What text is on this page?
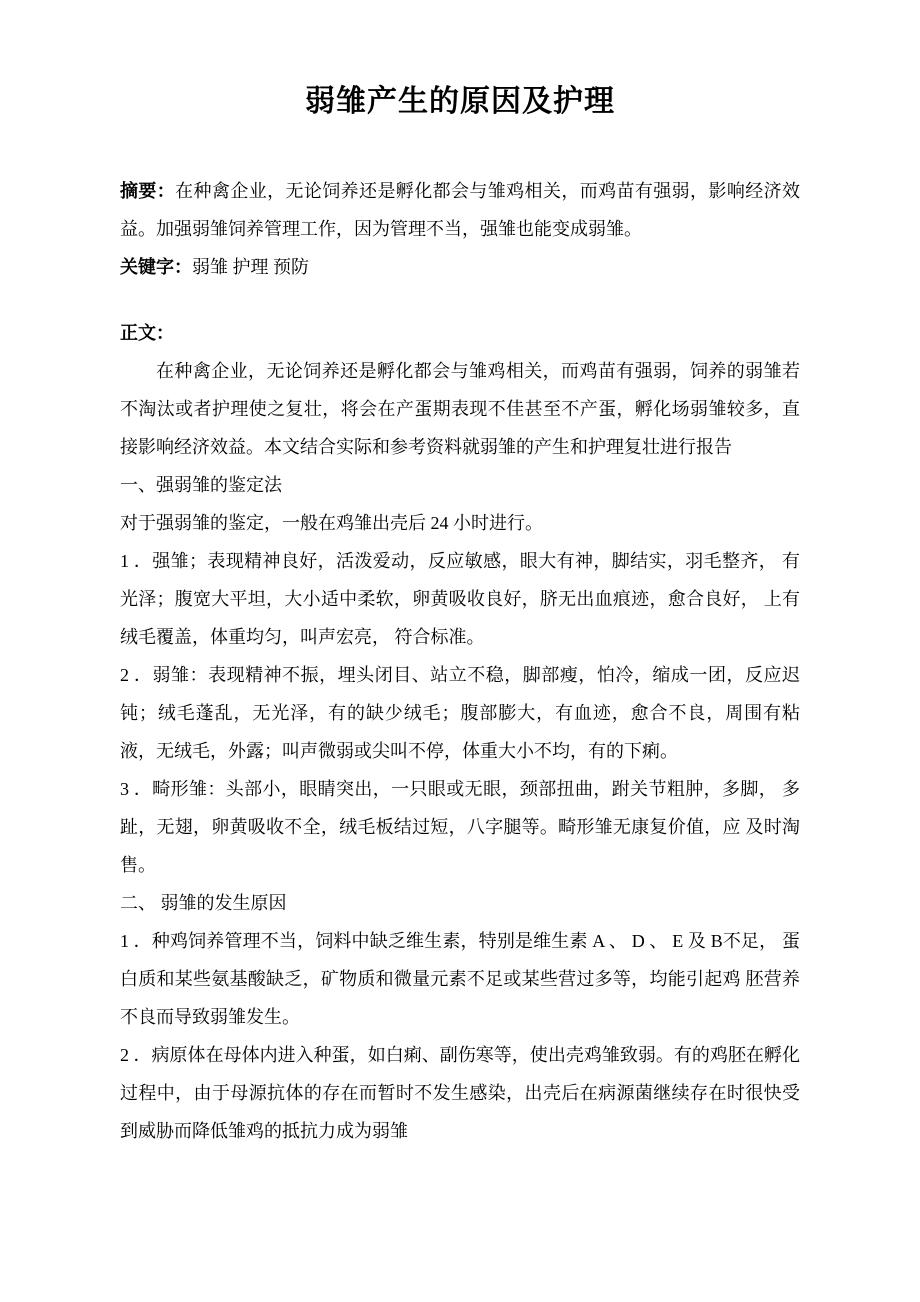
弱雏产生的原因及护理

摘要：在种禽企业，无论饲养还是孵化都会与雏鸡相关，而鸡苗有强弱，影响经济效益。加强弱雏饲养管理工作，因为管理不当，强雏也能变成弱雏。

关键字：弱雏 护理 预防

正文：

在种禽企业，无论饲养还是孵化都会与雏鸡相关，而鸡苗有强弱，饲养的弱雏若不淘汰或者护理使之复壮，将会在产蛋期表现不佳甚至不产蛋，孵化场弱雏较多，直接影响经济效益。本文结合实际和参考资料就弱雏的产生和护理复壮进行报告

一、强弱雏的鉴定法

对于强弱雏的鉴定，一般在鸡雏出壳后 24 小时进行。

1 ．强雏；表现精神良好，活泼爱动，反应敏感，眼大有神，脚结实，羽毛整齐， 有光泽；腹宽大平坦，大小适中柔软，卵黄吸收良好，脐无出血痕迹，愈合良好， 上有绒毛覆盖，体重均匀，叫声宏亮， 符合标准。

2 ．弱雏：表现精神不振，埋头闭目、站立不稳，脚部瘦，怕冷，缩成一团，反应迟钝；绒毛蓬乱，无光泽，有的缺少绒毛；腹部膨大，有血迹，愈合不良，周围有粘液，无绒毛，外露；叫声微弱或尖叫不停，体重大小不均，有的下痢。

3 ．畸形雏：头部小，眼睛突出，一只眼或无眼，颈部扭曲，跗关节粗肿，多脚， 多趾，无翅，卵黄吸收不全，绒毛板结过短，八字腿等。畸形雏无康复价值，应 及时淘售。

二、 弱雏的发生原因

1 ．种鸡饲养管理不当，饲料中缺乏维生素，特别是维生素 A 、 D 、 E 及 B不足， 蛋白质和某些氨基酸缺乏，矿物质和微量元素不足或某些营过多等，均能引起鸡 胚营养不良而导致弱雏发生。

2 ．病原体在母体内进入种蛋，如白痢、副伤寒等，使出壳鸡雏致弱。有的鸡胚在孵化过程中，由于母源抗体的存在而暂时不发生感染，出壳后在病源菌继续存在时很快受到威胁而降低雏鸡的抵抗力成为弱雏
